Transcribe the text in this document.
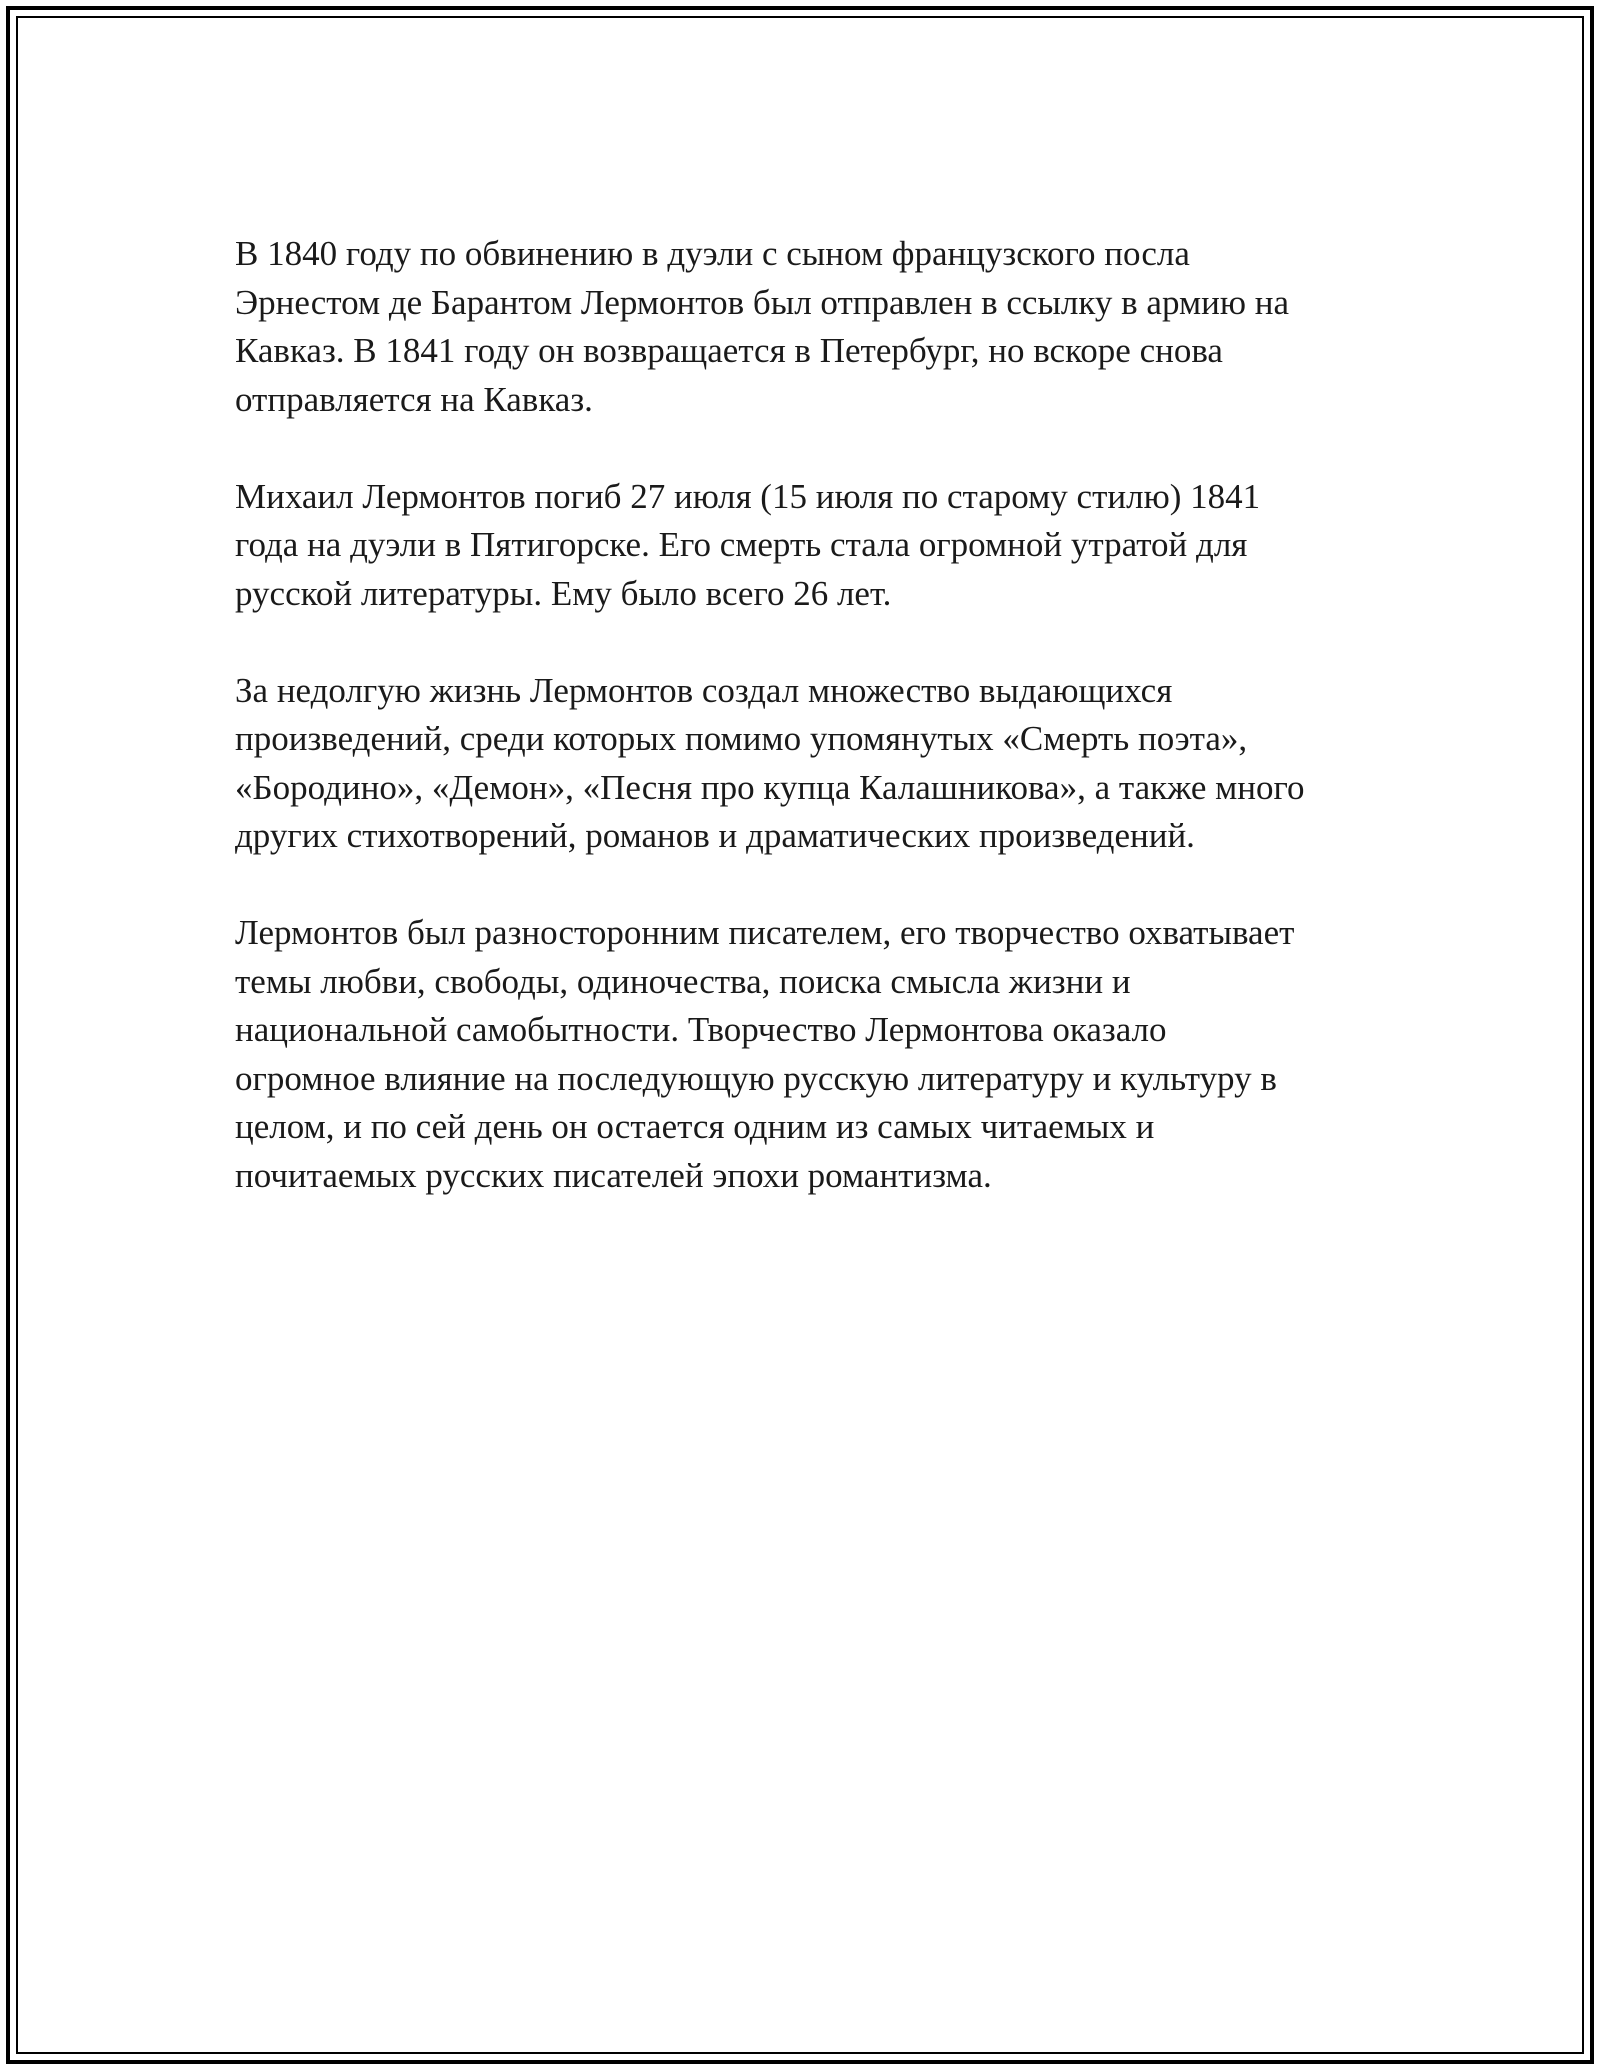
В 1840 году по обвинению в дуэли с сыном французского посла
Эрнестом де Барантом Лермонтов был отправлен в ссылку в армию на
Кавказ. В 1841 году он возвращается в Петербург, но вскоре снова
отправляется на Кавказ.

Михаил Лермонтов погиб 27 июля (15 июля по старому стилю) 1841
года на дуэли в Пятигорске. Его смерть стала огромной утратой для
русской литературы. Ему было всего 26 лет.

За недолгую жизнь Лермонтов создал множество выдающихся
произведений, среди которых помимо упомянутых «Смерть поэта»,
«Бородино», «Демон», «Песня про купца Калашникова», а также много
других стихотворений, романов и драматических произведений.

Лермонтов был разносторонним писателем, его творчество охватывает
темы любви, свободы, одиночества, поиска смысла жизни и
национальной самобытности. Творчество Лермонтова оказало
огромное влияние на последующую русскую литературу и культуру в
целом, и по сей день он остается одним из самых читаемых и
почитаемых русских писателей эпохи романтизма.
